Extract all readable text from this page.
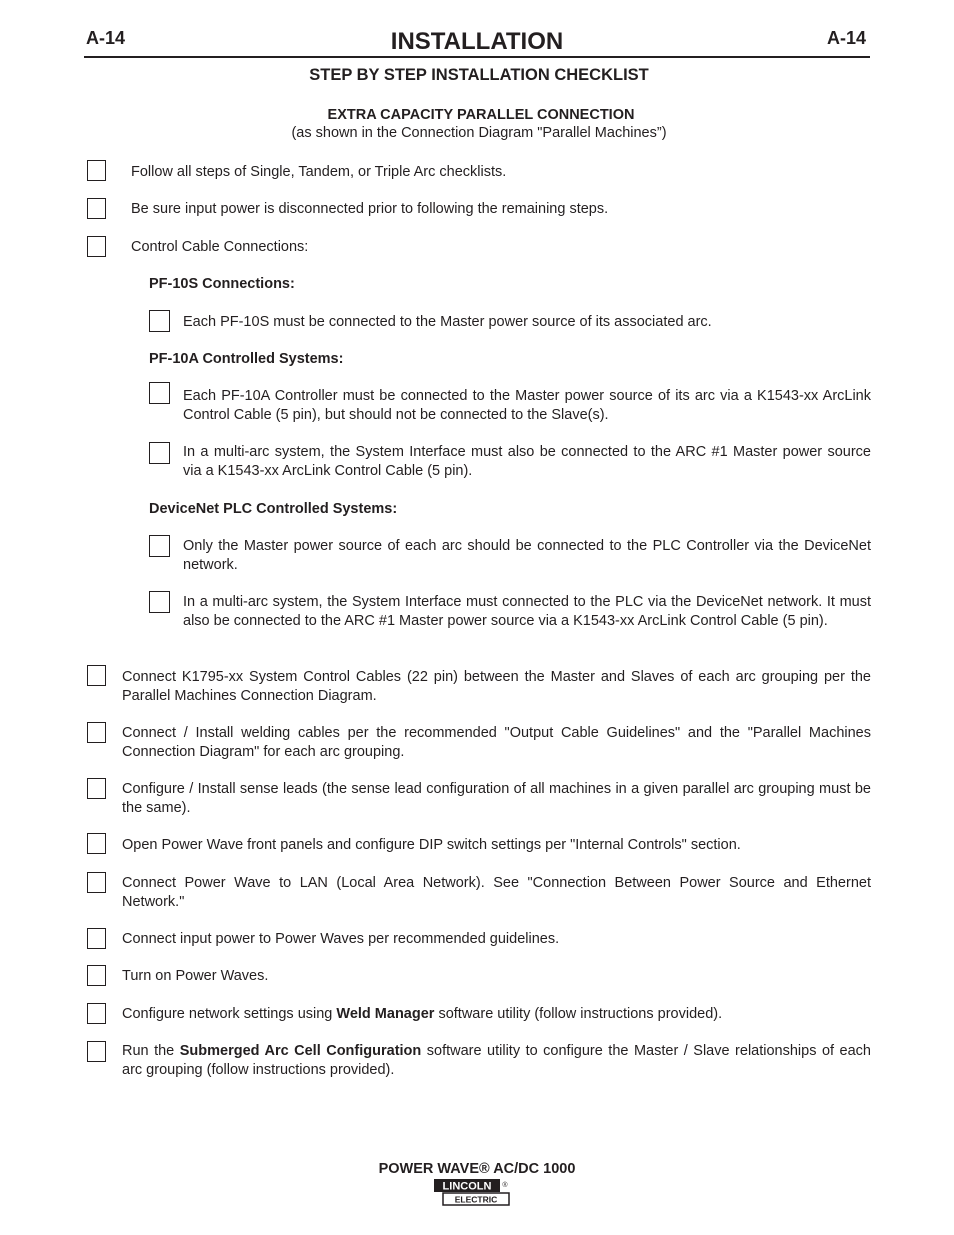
A-14	INSTALLATION	A-14
STEP BY STEP INSTALLATION CHECKLIST
EXTRA CAPACITY PARALLEL CONNECTION
(as shown in the Connection Diagram "Parallel Machines”)
Follow all steps of Single, Tandem, or Triple Arc checklists.
Be sure input power is disconnected prior to following the remaining steps.
Control Cable Connections:
PF-10S Connections:
Each PF-10S must be connected to the Master power source of its associated arc.
PF-10A Controlled Systems:
Each PF-10A Controller must be connected to the Master power source of its arc via a K1543-xx ArcLink Control Cable (5 pin), but should not be connected to the Slave(s).
In a multi-arc system, the System Interface must also be connected to the ARC #1 Master power source via a K1543-xx ArcLink Control Cable (5 pin).
DeviceNet PLC Controlled Systems:
Only the Master power source of each arc should be connected to the PLC Controller via the DeviceNet network.
In a multi-arc system, the System Interface must connected to the PLC via the DeviceNet network. It must also be connected to the ARC #1 Master power source via a K1543-xx ArcLink Control Cable (5 pin).
Connect K1795-xx System Control Cables (22 pin) between the Master and Slaves of each arc grouping per the Parallel Machines Connection Diagram.
Connect / Install welding cables per the recommended "Output Cable Guidelines" and the "Parallel Machines Connection Diagram" for each arc grouping.
Configure / Install sense leads (the sense lead configuration of all machines in a given parallel arc grouping must be the same).
Open Power Wave front panels and configure DIP switch settings per "Internal Controls" section.
Connect Power Wave to LAN (Local Area Network). See "Connection Between Power Source and Ethernet Network."
Connect input power to Power Waves per recommended guidelines.
Turn on Power Waves.
Configure network settings using Weld Manager software utility (follow instructions provided).
Run the Submerged Arc Cell Configuration software utility to configure the Master / Slave relationships of each arc grouping (follow instructions provided).
POWER WAVE® AC/DC 1000
LINCOLN ®
ELECTRIC
